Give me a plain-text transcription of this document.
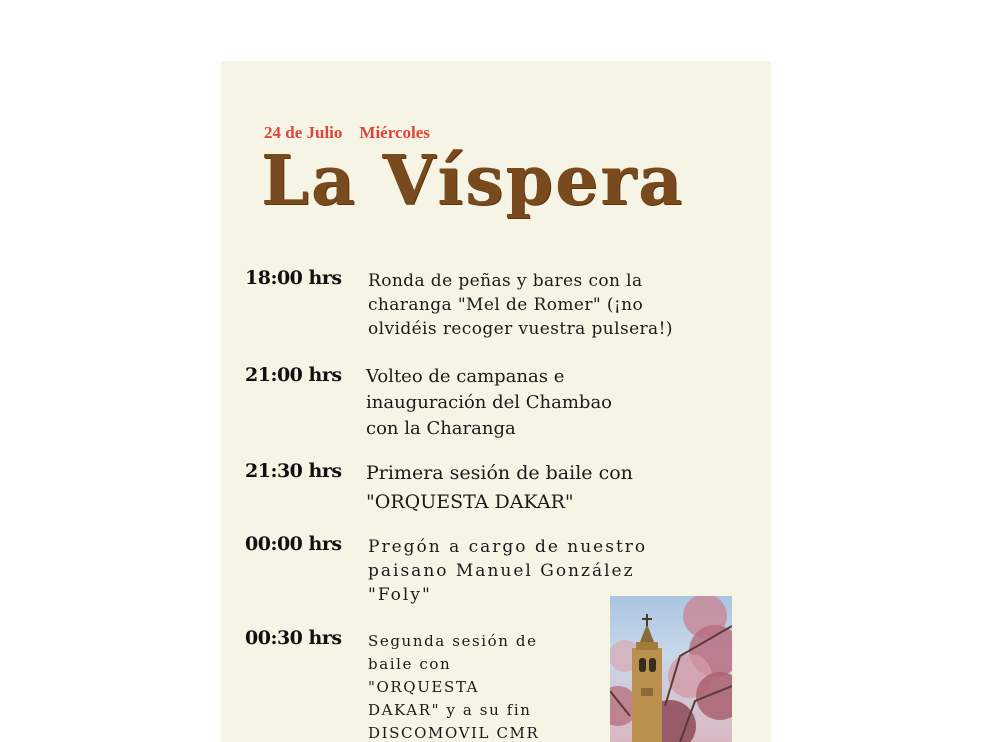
24 de Julio Miércoles
La Víspera
18:00 hrs Ronda de peñas y bares con la
charanga "Mel de Romer" (¡no
olvidéis recoger vuestra pulsera!)
21:00 hrs Volteo de campanas e
inauguración del Chambao
con la Charanga
21:30 hrs Primera sesión de baile con
"ORQUESTA DAKAR"
00:00 hrs Pregón a cargo de nuestro
paisano Manuel González
"Foly"
00:30 hrs Segunda sesión de
baile con
"ORQUESTA
DAKAR" y a su fin
DISCOMOVIL CMR
